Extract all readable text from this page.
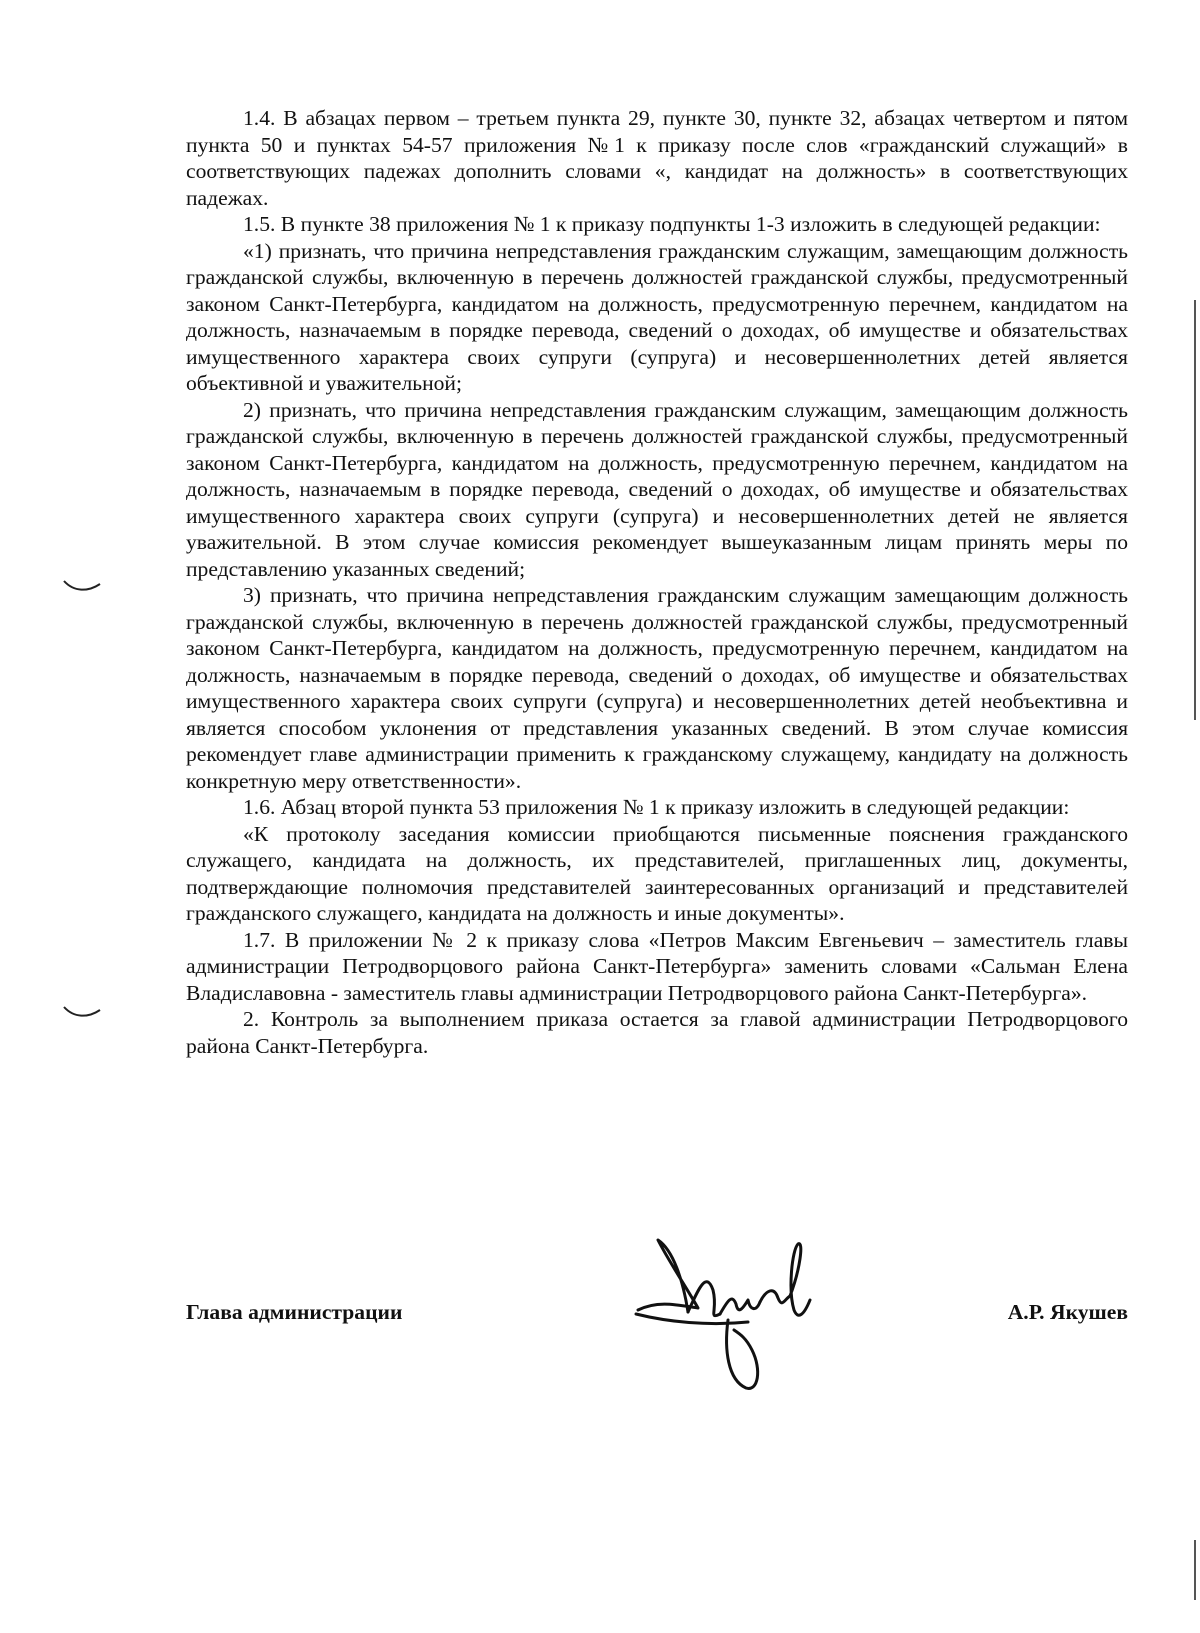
1.4. В абзацах первом – третьем пункта 29, пункте 30, пункте 32, абзацах четвертом и пятом пункта 50 и пунктах 54-57 приложения №1 к приказу после слов «гражданский служащий» в соответствующих падежах дополнить словами «, кандидат на должность» в соответствующих падежах.

1.5. В пункте 38 приложения № 1 к приказу подпункты 1-3 изложить в следующей редакции:

«1) признать, что причина непредставления гражданским служащим, замещающим должность гражданской службы, включенную в перечень должностей гражданской службы, предусмотренный законом Санкт-Петербурга, кандидатом на должность, предусмотренную перечнем, кандидатом на должность, назначаемым в порядке перевода, сведений о доходах, об имуществе и обязательствах имущественного характера своих супруги (супруга) и несовершеннолетних детей является объективной и уважительной;

2) признать, что причина непредставления гражданским служащим, замещающим должность гражданской службы, включенную в перечень должностей гражданской службы, предусмотренный законом Санкт-Петербурга, кандидатом на должность, предусмотренную перечнем, кандидатом на должность, назначаемым в порядке перевода, сведений о доходах, об имуществе и обязательствах имущественного характера своих супруги (супруга) и несовершеннолетних детей не является уважительной. В этом случае комиссия рекомендует вышеуказанным лицам принять меры по представлению указанных сведений;

3) признать, что причина непредставления гражданским служащим замещающим должность гражданской службы, включенную в перечень должностей гражданской службы, предусмотренный законом Санкт-Петербурга, кандидатом на должность, предусмотренную перечнем, кандидатом на должность, назначаемым в порядке перевода, сведений о доходах, об имуществе и обязательствах имущественного характера своих супруги (супруга) и несовершеннолетних детей необъективна и является способом уклонения от представления указанных сведений. В этом случае комиссия рекомендует главе администрации применить к гражданскому служащему, кандидату на должность конкретную меру ответственности».

1.6. Абзац второй пункта 53 приложения № 1 к приказу изложить в следующей редакции:

«К протоколу заседания комиссии приобщаются письменные пояснения гражданского служащего, кандидата на должность, их представителей, приглашенных лиц, документы, подтверждающие полномочия представителей заинтересованных организаций и представителей гражданского служащего, кандидата на должность и иные документы».

1.7. В приложении № 2 к приказу слова «Петров Максим Евгеньевич – заместитель главы администрации Петродворцового района Санкт-Петербурга» заменить словами «Сальман Елена Владиславовна - заместитель главы администрации Петродворцового района Санкт-Петербурга».

2. Контроль за выполнением приказа остается за главой администрации Петродворцового района Санкт-Петербурга.

Глава администрации	А.Р. Якушев
